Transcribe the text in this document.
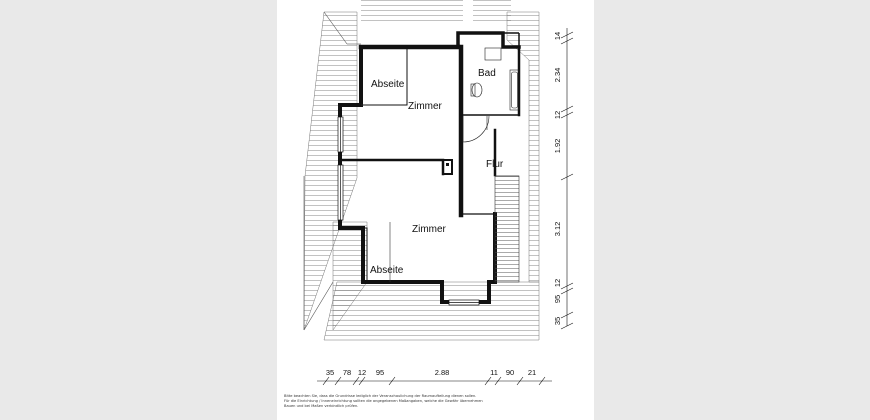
Abseite
Zimmer
Bad
Flur
Zimmer
Abseite
14
2.34
12
1.92
3.12
12
95
35
35 78 12 95	2.88	11 90 21
Bitte beachten Sie, dass die Grundrisse lediglich der Veranschaulichung der Raumaufteilung dienen sollen.
Für die Einrichtung / Inneneinrichtung sollten die angegebenen Maßangaben, welche die Gewähr übernehmen
Bauen und bei Maßen verbindlich prüfen.
